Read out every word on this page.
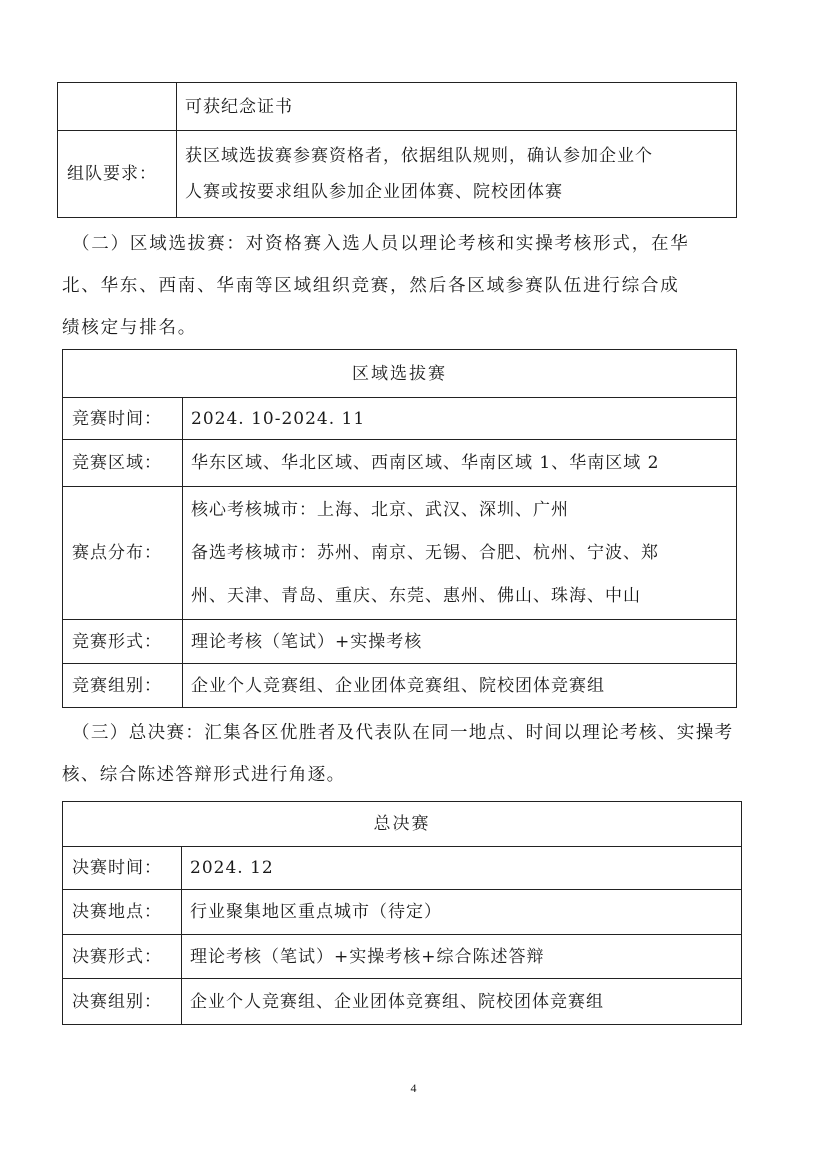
	可获纪念证书

组队要求：	获区域选拔赛参赛资格者，依据组队规则，确认参加企业个
人赛或按要求组队参加企业团体赛、院校团体赛
（二）区域选拔赛：对资格赛入选人员以理论考核和实操考核形式，在华
北、华东、西南、华南等区域组织竞赛，然后各区域参赛队伍进行综合成
绩核定与排名。
区域选拔赛	
竞赛时间：	2024. 10-2024. 11

竞赛区域：	华东区域、华北区域、西南区域、华南区域 1、华南区域 2

赛点分布：	核心考核城市：上海、北京、武汉、深圳、广州
备选考核城市：苏州、南京、无锡、合肥、杭州、宁波、郑
州、天津、青岛、重庆、东莞、惠州、佛山、珠海、中山

竞赛形式：	理论考核（笔试）+实操考核

竞赛组别：	企业个人竞赛组、企业团体竞赛组、院校团体竞赛组
（三）总决赛：汇集各区优胜者及代表队在同一地点、时间以理论考核、实操考
核、综合陈述答辩形式进行角逐。
总决赛	
决赛时间：	2024. 12

决赛地点：	行业聚集地区重点城市（待定）

决赛形式：	理论考核（笔试）+实操考核+综合陈述答辩

决赛组别：	企业个人竞赛组、企业团体竞赛组、院校团体竞赛组
4
